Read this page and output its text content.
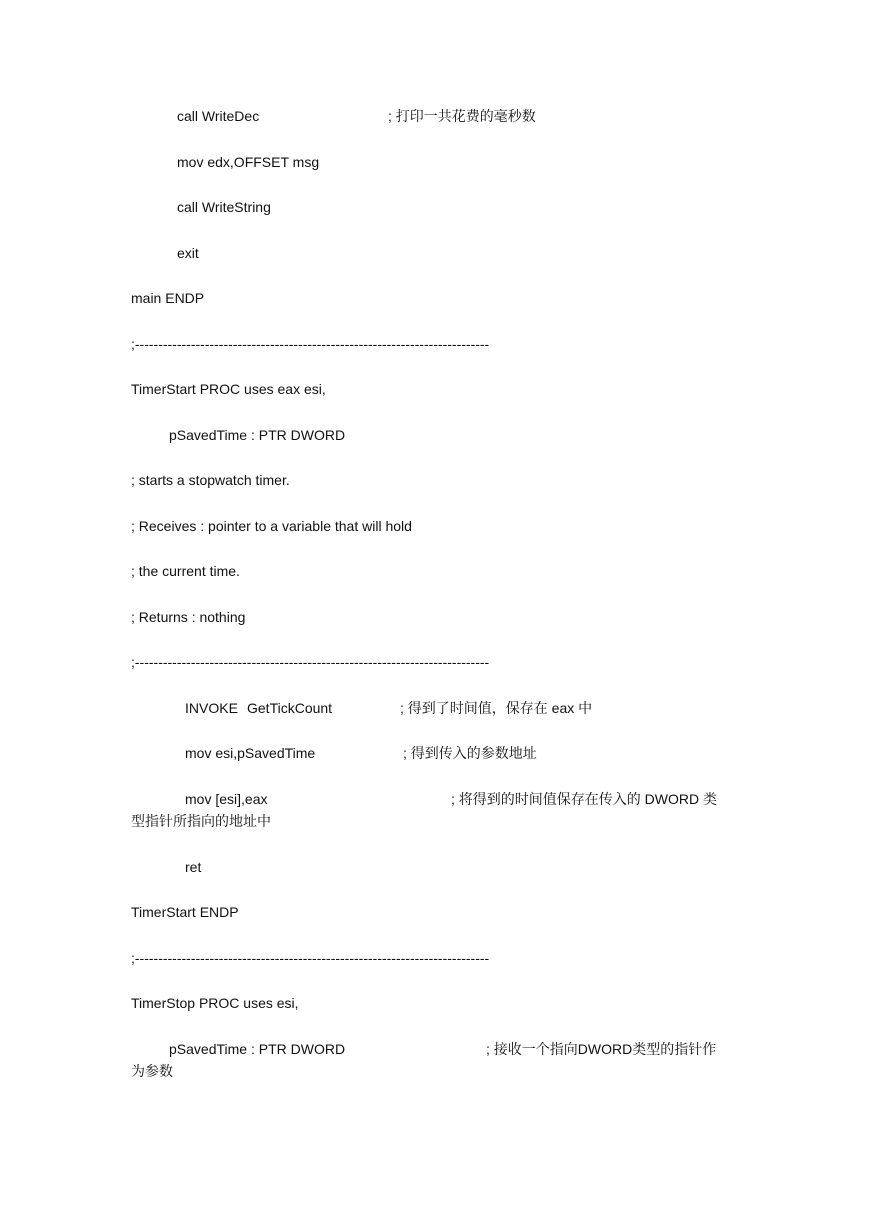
call WriteDec	; 打印一共花费的毫秒数
mov edx,OFFSET msg
call WriteString
exit
main ENDP
;----------------------------------------------------------------------------
TimerStart PROC uses eax esi,
pSavedTime : PTR DWORD
; starts a stopwatch timer.
; Receives : pointer to a variable that will hold
; the current time.
; Returns : nothing
;----------------------------------------------------------------------------
INVOKE GetTickCount	; 得到了时间值，保存在 eax 中
mov esi,pSavedTime	; 得到传入的参数地址
mov [esi],eax	; 将得到的时间值保存在传入的 DWORD 类
型指针所指向的地址中
ret
TimerStart ENDP
;----------------------------------------------------------------------------
TimerStop PROC uses esi,
pSavedTime : PTR DWORD	; 接收一个指向DWORD类型的指针作
为参数
